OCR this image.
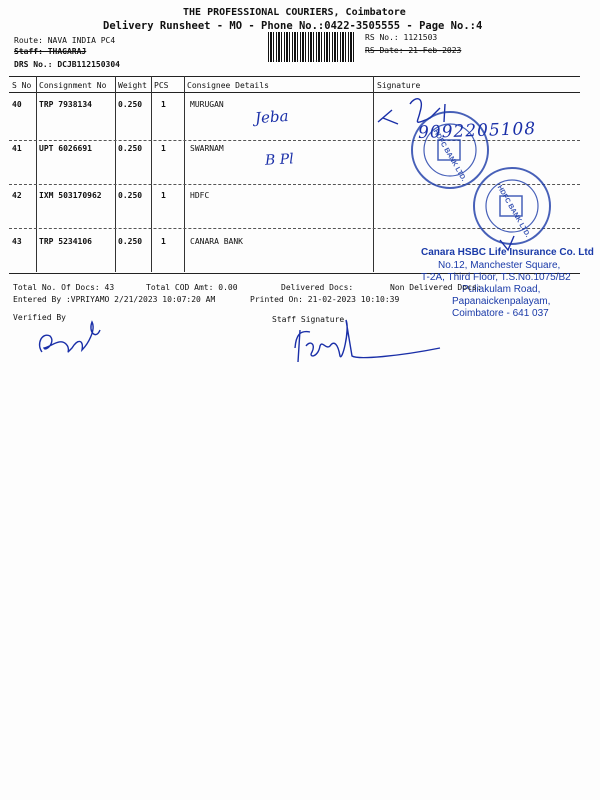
THE PROFESSIONAL COURIERS, Coimbatore
Delivery Runsheet - MO - Phone No.:0422-3505555 - Page No.:4
Route: NAVA INDIA PC4
Staff: THAGARAJ
DRS No.: DCJB112150304
RS No.: 1121503
RS Date: 21-Feb-2023
S No Consignment No Weight PCS Consignee Details	Signature
40 TRP 7938134	0.250 1	MURUGAN
41 UPT 6026691	0.250 1	SWARNAM
42 IXM 503170962 0.250 1	HDFC
43 TRP 5234106	0.250 1	CANARA BANK
Jeba
B Pl
9092205108
HDFC BANK LTD.
HDFC BANK LTD.
Canara HSBC Life Insurance Co. Ltd
No.12, Manchester Square,
T-2A, Third Floor, T.S.No.1075/B2
Puliakulam Road,
Papanaickenpalayam,
Coimbatore - 641 037
Total No. Of Docs: 43	Total COD Amt: 0.00	Delivered Docs:	Non Delivered Docs:
Entered By :VPRIYAMO 2/21/2023 10:07:20 AM	Printed On: 21-02-2023 10:10:39
Verified By	Staff Signature
